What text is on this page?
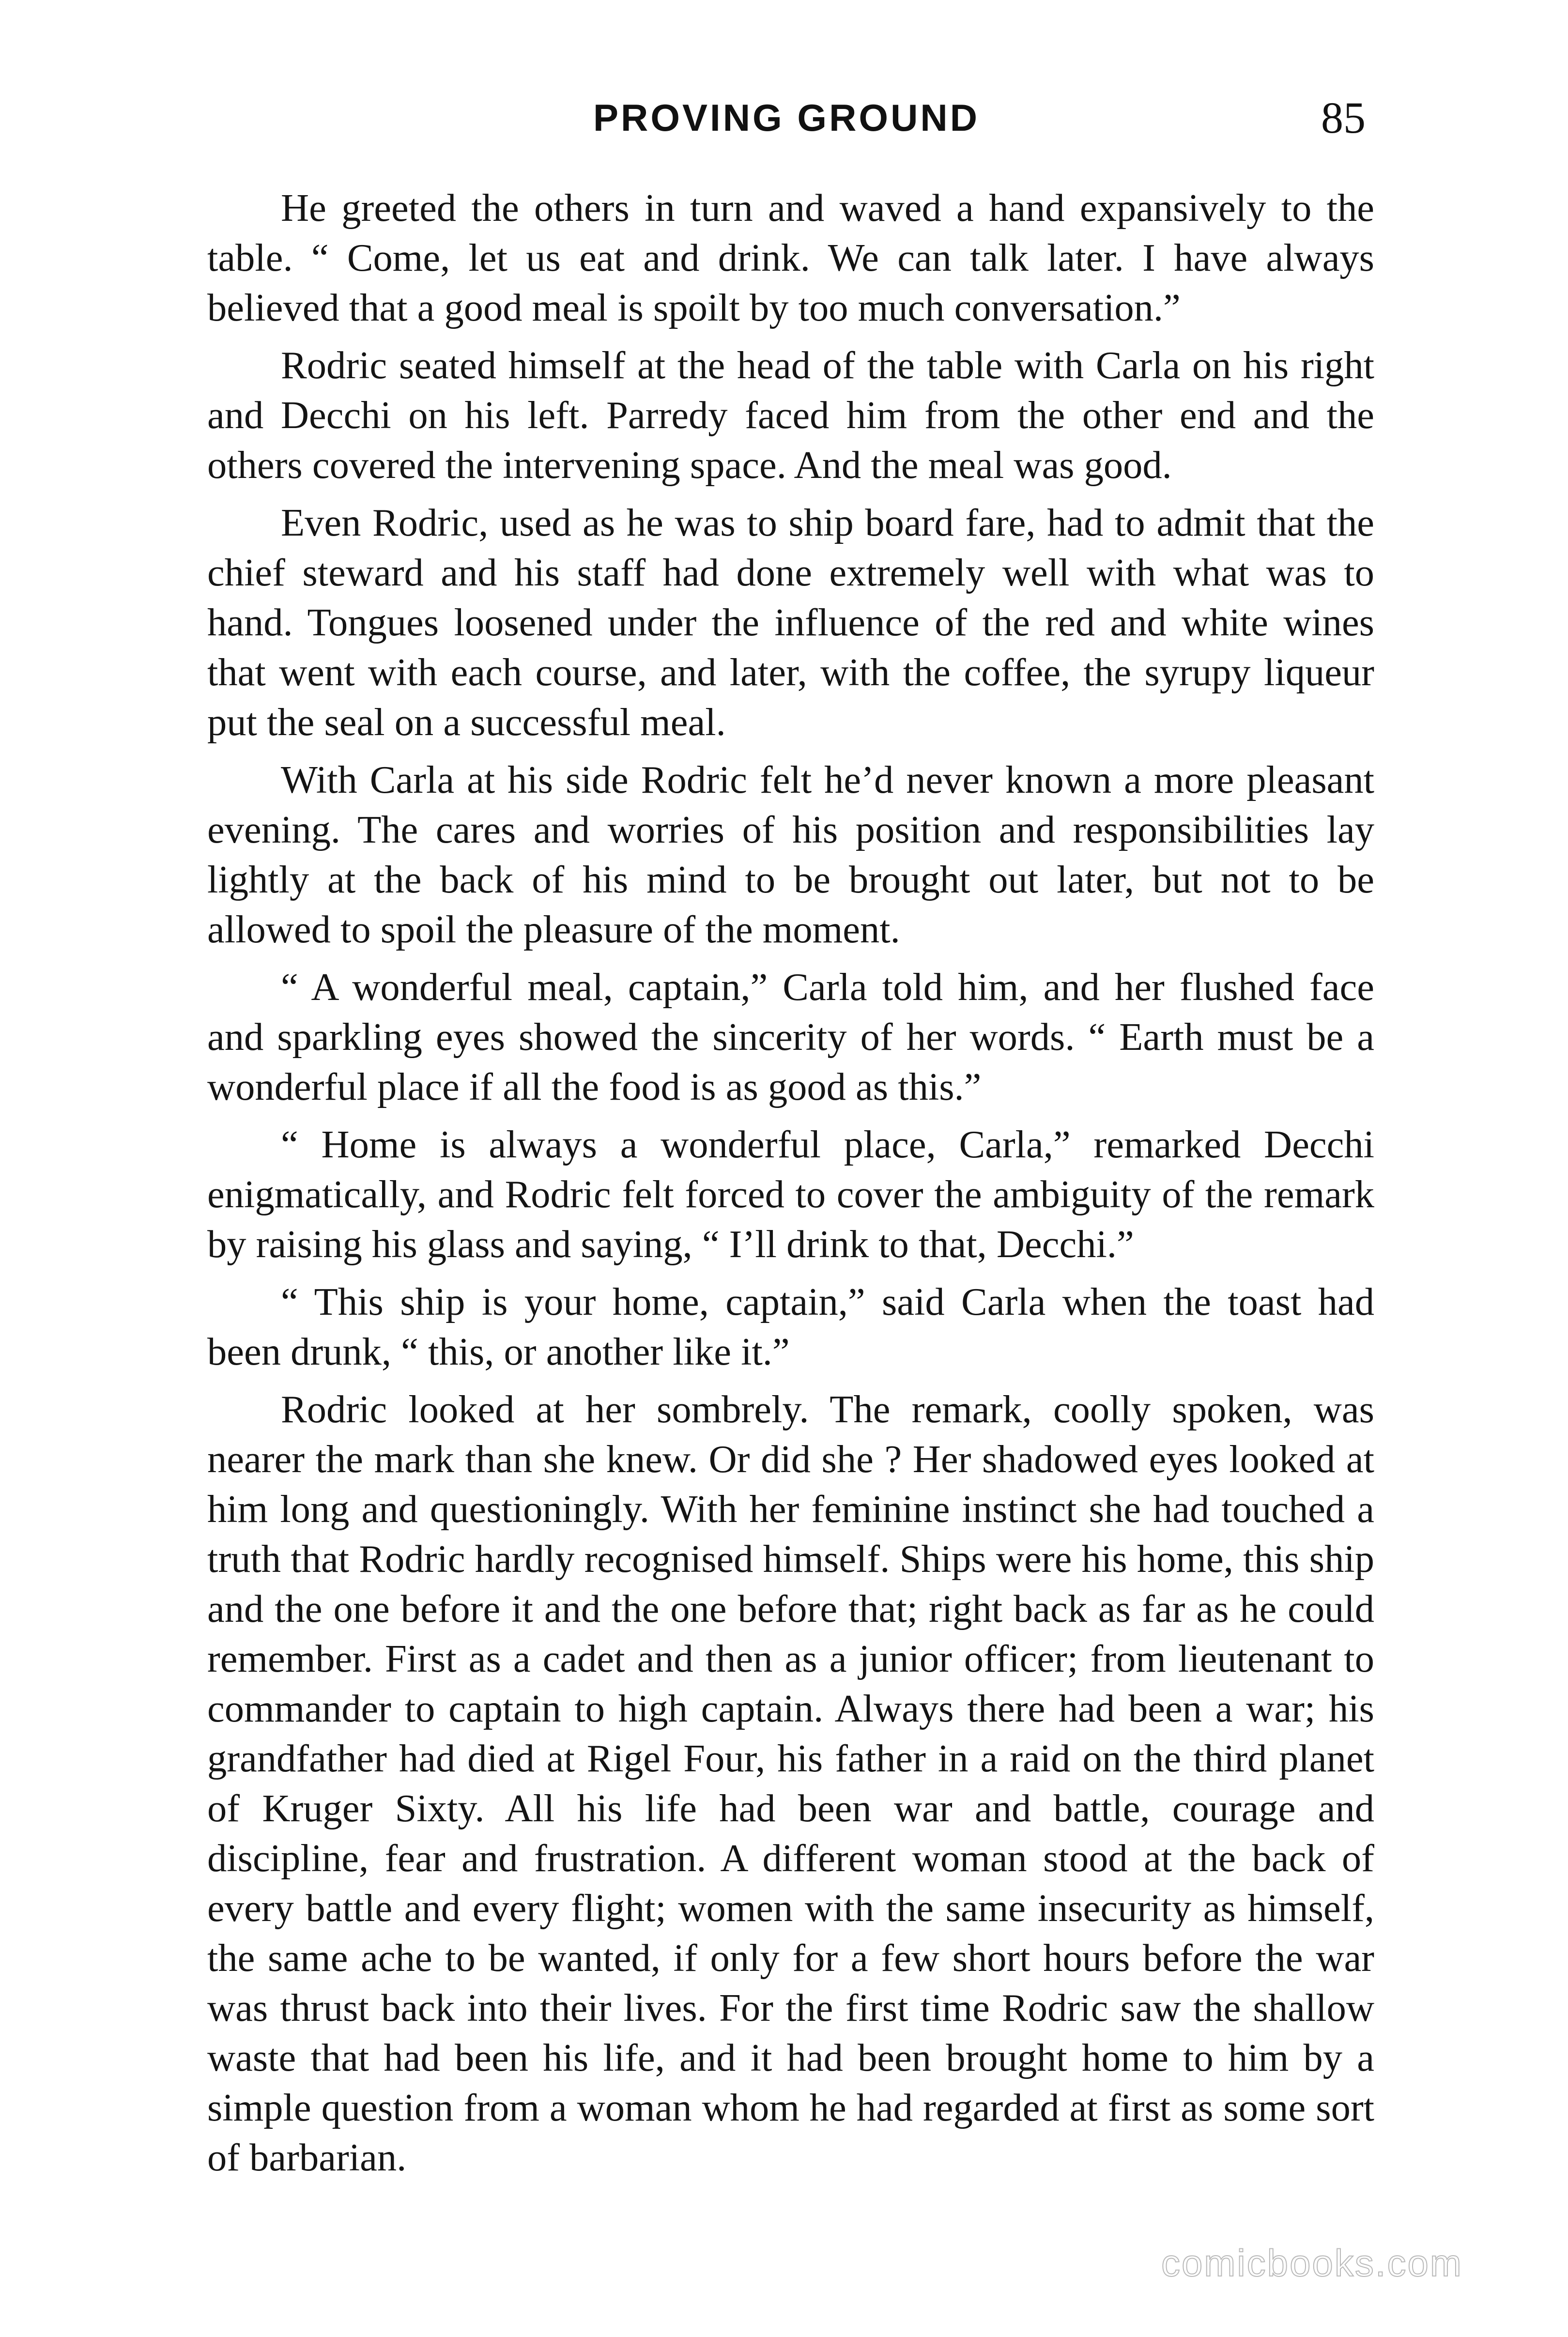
PROVING GROUND	85

He greeted the others in turn and waved a hand expansively to the table. “ Come, let us eat and drink. We can talk later. I have always believed that a good meal is spoilt by too much conversation.”

Rodric seated himself at the head of the table with Carla on his right and Decchi on his left. Parredy faced him from the other end and the others covered the intervening space. And the meal was good.

Even Rodric, used as he was to ship board fare, had to admit that the chief steward and his staff had done extremely well with what was to hand. Tongues loosened under the influence of the red and white wines that went with each course, and later, with the coffee, the syrupy liqueur put the seal on a successful meal.

With Carla at his side Rodric felt he’d never known a more pleasant evening. The cares and worries of his position and responsibilities lay lightly at the back of his mind to be brought out later, but not to be allowed to spoil the pleasure of the moment.

“ A wonderful meal, captain,” Carla told him, and her flushed face and sparkling eyes showed the sincerity of her words. “ Earth must be a wonderful place if all the food is as good as this.”

“ Home is always a wonderful place, Carla,” remarked Decchi enigmatically, and Rodric felt forced to cover the ambiguity of the remark by raising his glass and saying, “ I’ll drink to that, Decchi.”

“ This ship is your home, captain,” said Carla when the toast had been drunk, “ this, or another like it.”

Rodric looked at her sombrely. The remark, coolly spoken, was nearer the mark than she knew. Or did she ? Her shadowed eyes looked at him long and questioningly. With her feminine instinct she had touched a truth that Rodric hardly recognised himself. Ships were his home, this ship and the one before it and the one before that; right back as far as he could remember. First as a cadet and then as a junior officer; from lieutenant to commander to captain to high captain. Always there had been a war; his grandfather had died at Rigel Four, his father in a raid on the third planet of Kruger Sixty. All his life had been war and battle, courage and discipline, fear and frustration. A different woman stood at the back of every battle and every flight; women with the same insecurity as himself, the same ache to be wanted, if only for a few short hours before the war was thrust back into their lives. For the first time Rodric saw the shallow waste that had been his life, and it had been brought home to him by a simple question from a woman whom he had regarded at first as some sort of barbarian.

comicbooks.com
